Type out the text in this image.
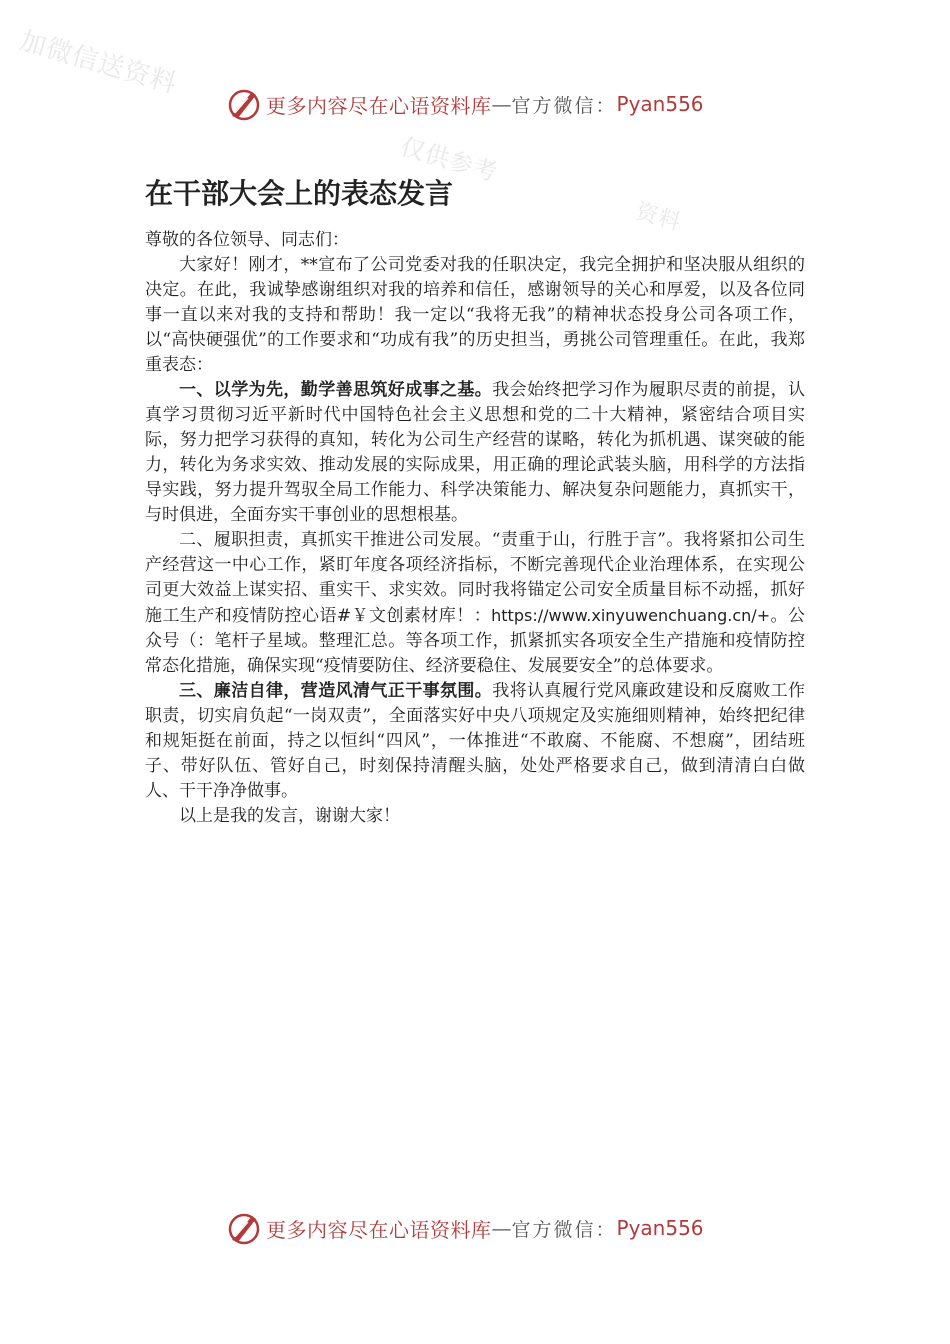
加微信送资料
仅供参考
资料
更多内容尽在心语资料库 — 官方微信： Pyan556
在干部大会上的表态发言

尊敬的各位领导、同志们：

大家好！刚才，**宣布了公司党委对我的任职决定，我完全拥护和坚决服从组织的决定。在此，我诚挚感谢组织对我的培养和信任，感谢领导的关心和厚爱，以及各位同事一直以来对我的支持和帮助！我一定以“我将无我”的精神状态投身公司各项工作，以“高快硬强优”的工作要求和“功成有我”的历史担当，勇挑公司管理重任。在此，我郑重表态：

一、以学为先，勤学善思筑好成事之基。我会始终把学习作为履职尽责的前提，认真学习贯彻习近平新时代中国特色社会主义思想和党的二十大精神，紧密结合项目实际，努力把学习获得的真知，转化为公司生产经营的谋略，转化为抓机遇、谋突破的能力，转化为务求实效、推动发展的实际成果，用正确的理论武装头脑，用科学的方法指导实践，努力提升驾驭全局工作能力、科学决策能力、解决复杂问题能力，真抓实干，与时俱进，全面夯实干事创业的思想根基。

二、履职担责，真抓实干推进公司发展。“责重于山，行胜于言”。我将紧扣公司生产经营这一中心工作，紧盯年度各项经济指标，不断完善现代企业治理体系，在实现公司更大效益上谋实招、重实干、求实效。同时我将锚定公司安全质量目标不动摇，抓好施工生产和疫情防控心语#￥文创素材库！：https://www.xinyuwenchuang.cn/+。公众号（：笔杆子星域。整理汇总。等各项工作，抓紧抓实各项安全生产措施和疫情防控常态化措施，确保实现“疫情要防住、经济要稳住、发展要安全”的总体要求。

三、廉洁自律，营造风清气正干事氛围。我将认真履行党风廉政建设和反腐败工作职责，切实肩负起“一岗双责”，全面落实好中央八项规定及实施细则精神，始终把纪律和规矩挺在前面，持之以恒纠“四风”，一体推进“不敢腐、不能腐、不想腐”，团结班子、带好队伍、管好自己，时刻保持清醒头脑，处处严格要求自己，做到清清白白做人、干干净净做事。

以上是我的发言，谢谢大家！

更多内容尽在心语资料库 — 官方微信： Pyan556
